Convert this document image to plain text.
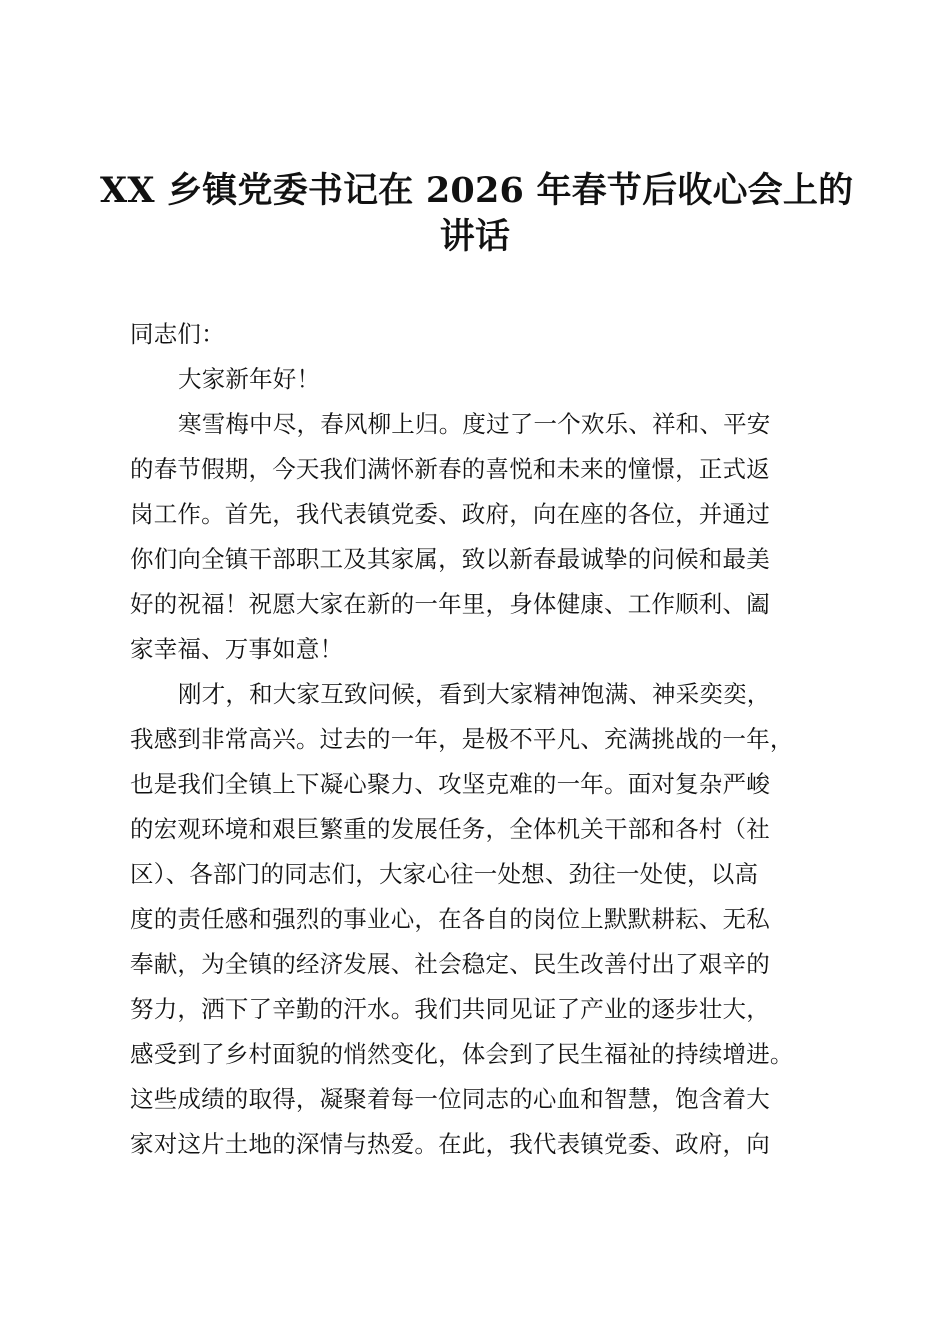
XX 乡镇党委书记在 2026 年春节后收心会上的
讲话
同志们：
大家新年好！
寒雪梅中尽，春风柳上归。度过了一个欢乐、祥和、平安
的春节假期，今天我们满怀新春的喜悦和未来的憧憬，正式返
岗工作。首先，我代表镇党委、政府，向在座的各位，并通过
你们向全镇干部职工及其家属，致以新春最诚挚的问候和最美
好的祝福！祝愿大家在新的一年里，身体健康、工作顺利、阖
家幸福、万事如意！
刚才，和大家互致问候，看到大家精神饱满、神采奕奕，
我感到非常高兴。过去的一年，是极不平凡、充满挑战的一年，
也是我们全镇上下凝心聚力、攻坚克难的一年。面对复杂严峻
的宏观环境和艰巨繁重的发展任务，全体机关干部和各村（社
区）、各部门的同志们，大家心往一处想、劲往一处使，以高
度的责任感和强烈的事业心，在各自的岗位上默默耕耘、无私
奉献，为全镇的经济发展、社会稳定、民生改善付出了艰辛的
努力，洒下了辛勤的汗水。我们共同见证了产业的逐步壮大，
感受到了乡村面貌的悄然变化，体会到了民生福祉的持续增进。
这些成绩的取得，凝聚着每一位同志的心血和智慧，饱含着大
家对这片土地的深情与热爱。在此，我代表镇党委、政府，向
